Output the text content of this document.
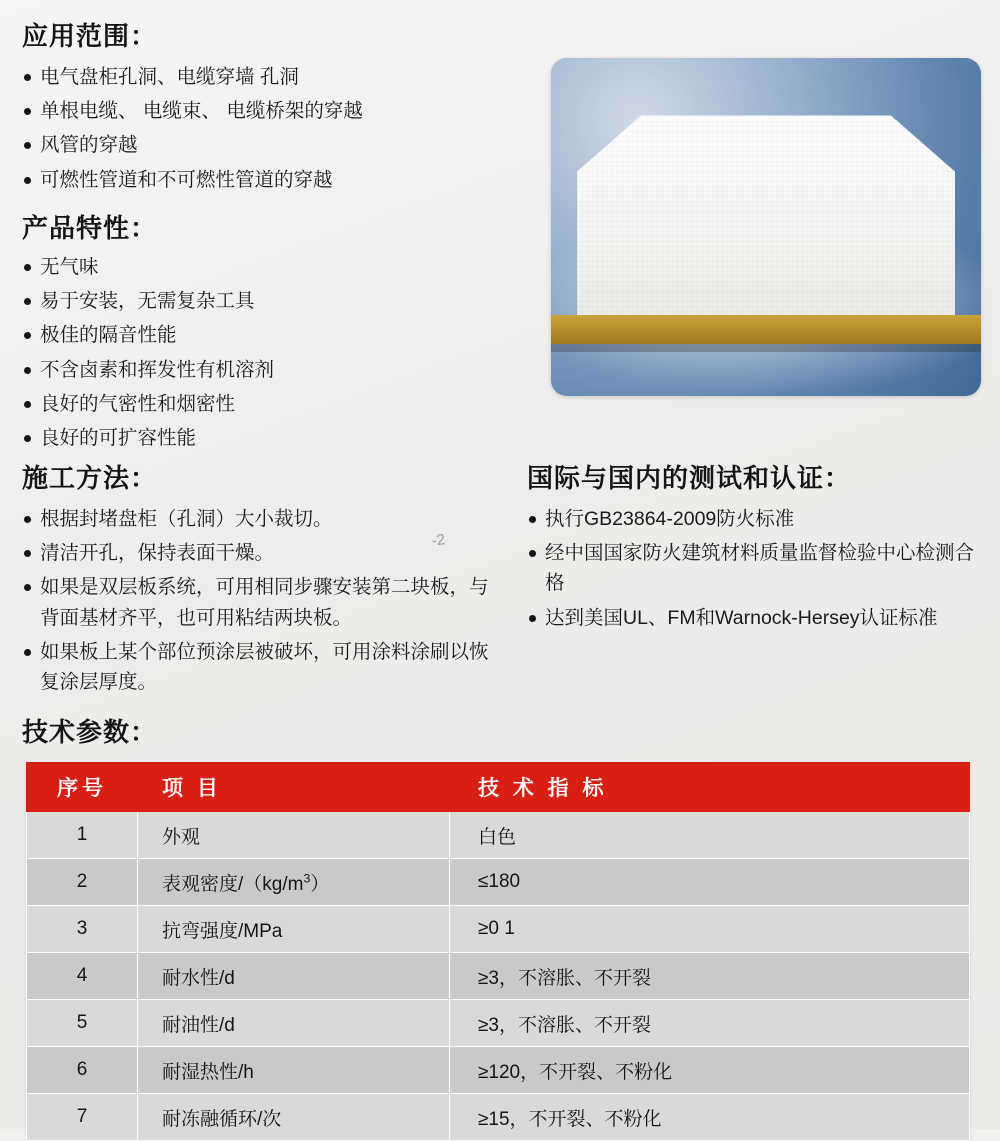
应用范围：
电气盘柜孔洞、电缆穿墙 孔洞
单根电缆、 电缆束、 电缆桥架的穿越
风管的穿越
可燃性管道和不可燃性管道的穿越
产品特性：
无气味
易于安装，无需复杂工具
极佳的隔音性能
不含卤素和挥发性有机溶剂
良好的气密性和烟密性
良好的可扩容性能
施工方法：
根据封堵盘柜（孔洞）大小裁切。
清洁开孔，保持表面干燥。
如果是双层板系统，可用相同步骤安装第二块板，与背面基材齐平，也可用粘结两块板。
如果板上某个部位预涂层被破坏，可用涂料涂刷以恢复涂层厚度。
-2
国际与国内的测试和认证：
执行GB23864-2009防火标准
经中国国家防火建筑材料质量监督检验中心检测合格
达到美国UL、FM和Warnock-Hersey认证标准
技术参数：
序号	项 目	技 术 指 标
1	外观	白色
2	表观密度$/(kg/m^3)$	≤180
3	抗弯强度/MPa	≥0 1
4	耐水性/d	≥3，不溶胀、不开裂
5	耐油性/d	≥3，不溶胀、不开裂
6	耐湿热性/h	≥120，不开裂、不粉化
7	耐冻融循环/次	≥15，不开裂、不粉化
